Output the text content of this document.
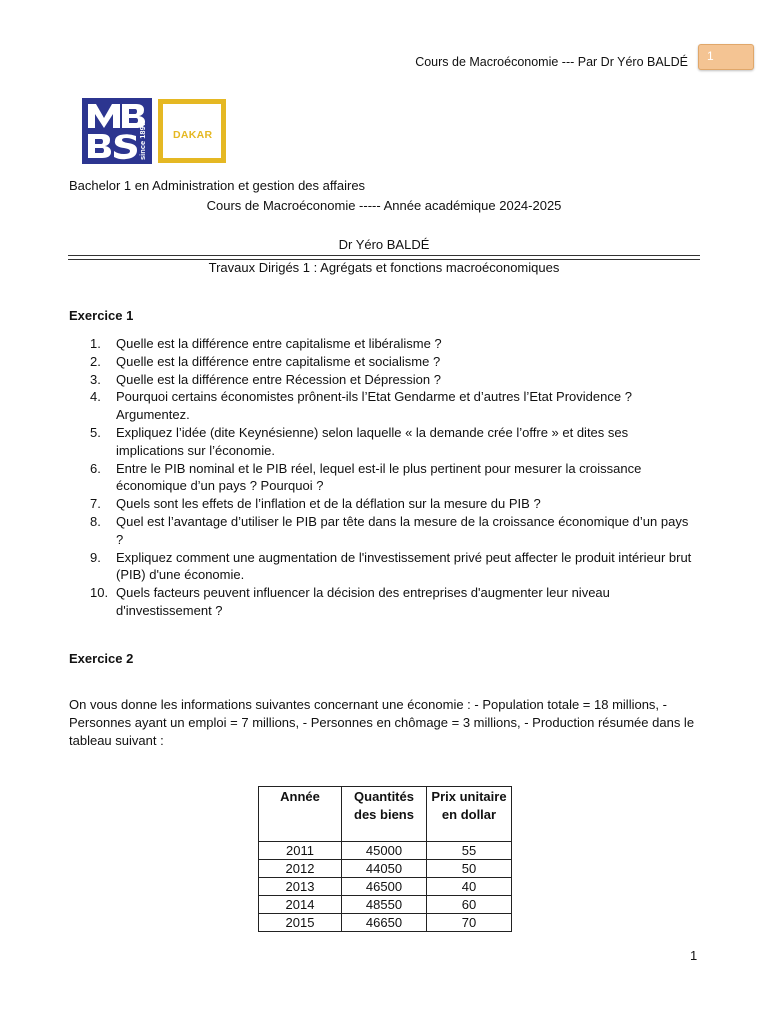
Cours de Macroéconomie --- Par Dr Yéro BALDÉ 1
since 1897 DAKAR
Bachelor 1 en Administration et gestion des affaires
Cours de Macroéconomie ----- Année académique 2024-2025
Dr Yéro BALDÉ
Travaux Dirigés 1 : Agrégats et fonctions macroéconomiques
Exercice 1
1. Quelle est la différence entre capitalisme et libéralisme ?
2. Quelle est la différence entre capitalisme et socialisme ?
3. Quelle est la différence entre Récession et Dépression ?
4. Pourquoi certains économistes prônent-ils l’Etat Gendarme et d’autres l’Etat Providence ? Argumentez.
5. Expliquez l’idée (dite Keynésienne) selon laquelle « la demande crée l’offre » et dites ses implications sur l’économie.
6. Entre le PIB nominal et le PIB réel, lequel est-il le plus pertinent pour mesurer la croissance économique d’un pays ? Pourquoi ?
7. Quels sont les effets de l’inflation et de la déflation sur la mesure du PIB ?
8. Quel est l’avantage d’utiliser le PIB par tête dans la mesure de la croissance économique d’un pays ?
9. Expliquez comment une augmentation de l'investissement privé peut affecter le produit intérieur brut (PIB) d'une économie.
10. Quels facteurs peuvent influencer la décision des entreprises d'augmenter leur niveau d'investissement ?
Exercice 2
On vous donne les informations suivantes concernant une économie : - Population totale = 18 millions, - Personnes ayant un emploi = 7 millions, - Personnes en chômage = 3 millions, - Production résumée dans le tableau suivant :
Année	Quantités des biens	Prix unitaire en dollar
2011	45000	55
2012	44050	50
2013	46500	40
2014	48550	60
2015	46650	70
1
